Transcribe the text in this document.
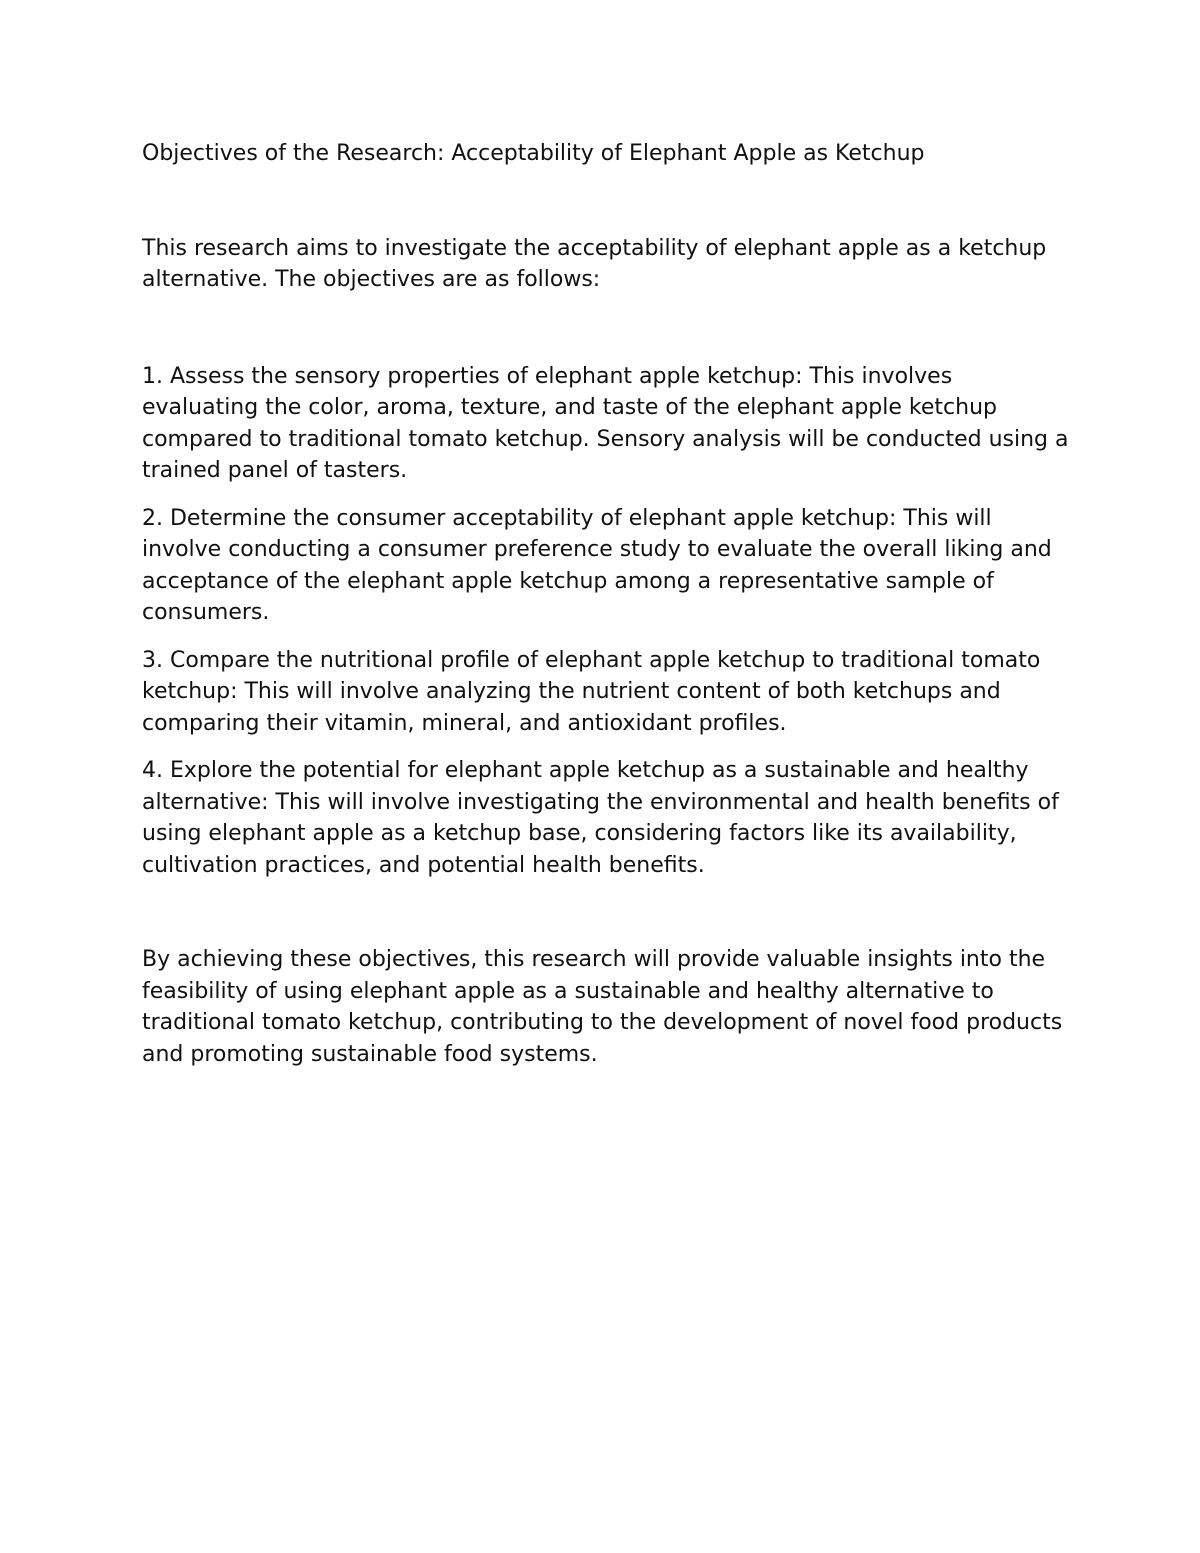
Objectives of the Research: Acceptability of Elephant Apple as Ketchup

This research aims to investigate the acceptability of elephant apple as a ketchup alternative. The objectives are as follows:

1. Assess the sensory properties of elephant apple ketchup: This involves evaluating the color, aroma, texture, and taste of the elephant apple ketchup compared to traditional tomato ketchup. Sensory analysis will be conducted using a trained panel of tasters.
2. Determine the consumer acceptability of elephant apple ketchup: This will involve conducting a consumer preference study to evaluate the overall liking and acceptance of the elephant apple ketchup among a representative sample of consumers.
3. Compare the nutritional profile of elephant apple ketchup to traditional tomato ketchup: This will involve analyzing the nutrient content of both ketchups and comparing their vitamin, mineral, and antioxidant profiles.
4. Explore the potential for elephant apple ketchup as a sustainable and healthy alternative: This will involve investigating the environmental and health benefits of using elephant apple as a ketchup base, considering factors like its availability, cultivation practices, and potential health benefits.

By achieving these objectives, this research will provide valuable insights into the feasibility of using elephant apple as a sustainable and healthy alternative to traditional tomato ketchup, contributing to the development of novel food products and promoting sustainable food systems.
